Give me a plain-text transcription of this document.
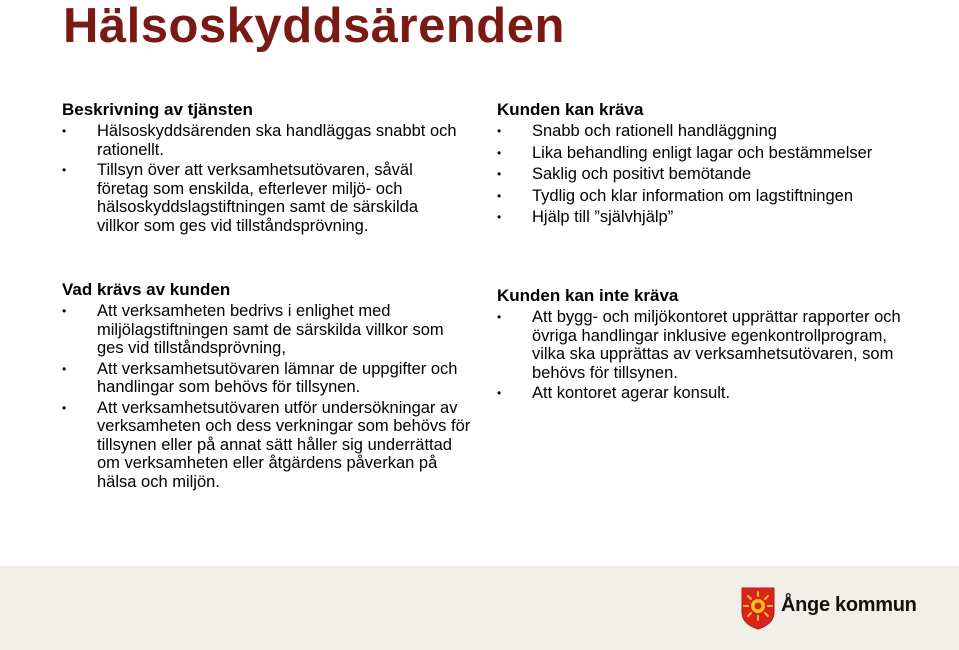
Hälsoskyddsärenden
Beskrivning av tjänsten
• Hälsoskyddsärenden ska handläggas snabbt och rationellt.
• Tillsyn över att verksamhetsutövaren, såväl företag som enskilda, efterlever miljö- och hälsoskyddslagstiftningen samt de särskilda villkor som ges vid tillståndsprövning.
Kunden kan kräva
• Snabb och rationell handläggning
• Lika behandling enligt lagar och bestämmelser
• Saklig och positivt bemötande
• Tydlig och klar information om lagstiftningen
• Hjälp till ”självhjälp”
Vad krävs av kunden
• Att verksamheten bedrivs i enlighet med miljölagstiftningen samt de särskilda villkor som ges vid tillståndsprövning,
• Att verksamhetsutövaren lämnar de uppgifter och handlingar som behövs för tillsynen.
• Att verksamhetsutövaren utför undersökningar av verksamheten och dess verkningar som behövs för tillsynen eller på annat sätt håller sig underrättad om verksamheten eller åtgärdens påverkan på hälsa och miljön.
Kunden kan inte kräva
• Att bygg- och miljökontoret upprättar rapporter och övriga handlingar inklusive egenkontrollprogram, vilka ska upprättas av verksamhetsutövaren, som behövs för tillsynen.
• Att kontoret agerar konsult.
Ånge kommun
